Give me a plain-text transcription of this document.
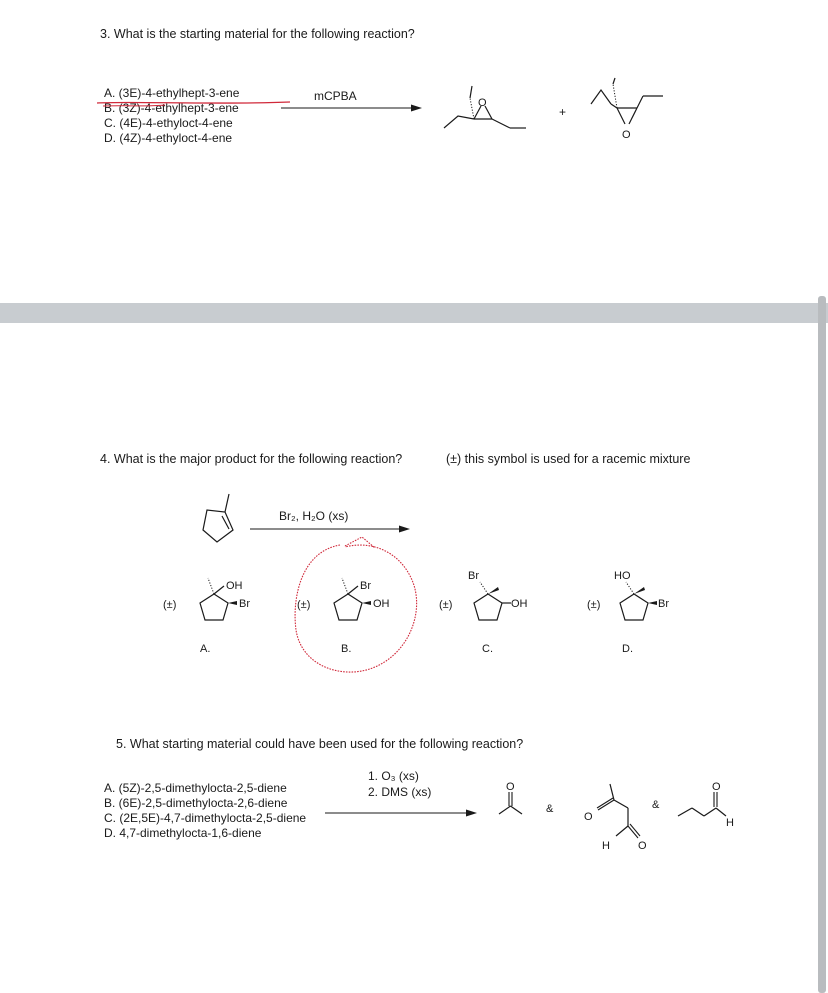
3. What is the starting material for the following reaction?
A. (3E)-4-ethylhept-3-ene
B. (3Z)-4-ethylhept-3-ene
C. (4E)-4-ethyloct-4-ene
D. (4Z)-4-ethyloct-4-ene
mCPBA	O
+
O
4. What is the major product for the following reaction?	(±) this symbol is used for a racemic mixture
Br₂, H₂O (xs)
(±)
OH
Br
A.
(±)
Br
OH
B.
(±)
Br
OH
C.
(±)
HO
Br
D.
5. What starting material could have been used for the following reaction?
A. (5Z)-2,5-dimethylocta-2,5-diene
B. (6E)-2,5-dimethylocta-2,6-diene
C. (2E,5E)-4,7-dimethylocta-2,5-diene
D. 4,7-dimethylocta-1,6-diene
1. O₃ (xs)
2. DMS (xs)	O
&
O
H	O
&
O
H
